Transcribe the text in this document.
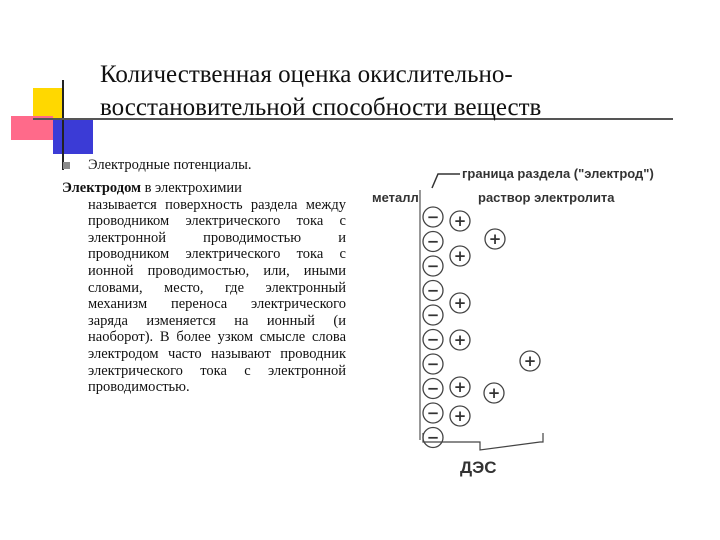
Количественная оценка окислительно-
восстановительной способности веществ
Электродные потенциалы.
Электродом в электрохимии
называется поверхность раздела между проводником электрического тока с электронной проводимостью и проводником электрического тока с ионной проводимостью, или, иными словами, место, где электронный механизм переноса электрического заряда изменяется на ионный (и наоборот). В более узком смысле слова электродом часто называют проводник электрического тока с электронной проводимостью.
граница раздела ("электрод")
металл	раствор электролита
−
−
−
−
−
−
−
−
−
−
+
+
+
+
+
+
+
+
+
ДЭС
